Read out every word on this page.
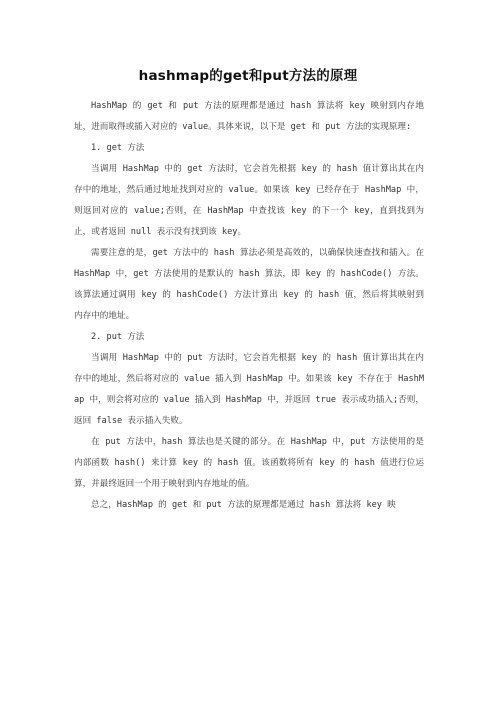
hashmap的get和put方法的原理

HashMap 的 get 和 put 方法的原理都是通过 hash 算法将 key 映射到内存地址，进而取得或插入对应的 value。具体来说，以下是 get 和 put 方法的实现原理:

1. get 方法

当调用 HashMap 中的 get 方法时，它会首先根据 key 的 hash 值计算出其在内存中的地址，然后通过地址找到对应的 value。如果该 key 已经存在于 HashMap 中，则返回对应的 value;否则，在 HashMap 中查找该 key 的下一个 key，直到找到为止，或者返回 null 表示没有找到该 key。

需要注意的是，get 方法中的 hash 算法必须是高效的，以确保快速查找和插入。在 HashMap 中，get 方法使用的是默认的 hash 算法，即 key 的 hashCode() 方法。该算法通过调用 key 的 hashCode() 方法计算出 key 的 hash 值，然后将其映射到内存中的地址。

2. put 方法

当调用 HashMap 中的 put 方法时，它会首先根据 key 的 hash 值计算出其在内存中的地址，然后将对应的 value 插入到 HashMap 中。如果该 key 不存在于 HashMap 中，则会将对应的 value 插入到 HashMap 中，并返回 true 表示成功插入;否则，返回 false 表示插入失败。

在 put 方法中，hash 算法也是关键的部分。在 HashMap 中，put 方法使用的是内部函数 hash() 来计算 key 的 hash 值。该函数将所有 key 的 hash 值进行位运算，并最终返回一个用于映射到内存地址的值。

总之，HashMap 的 get 和 put 方法的原理都是通过 hash 算法将 key 映
